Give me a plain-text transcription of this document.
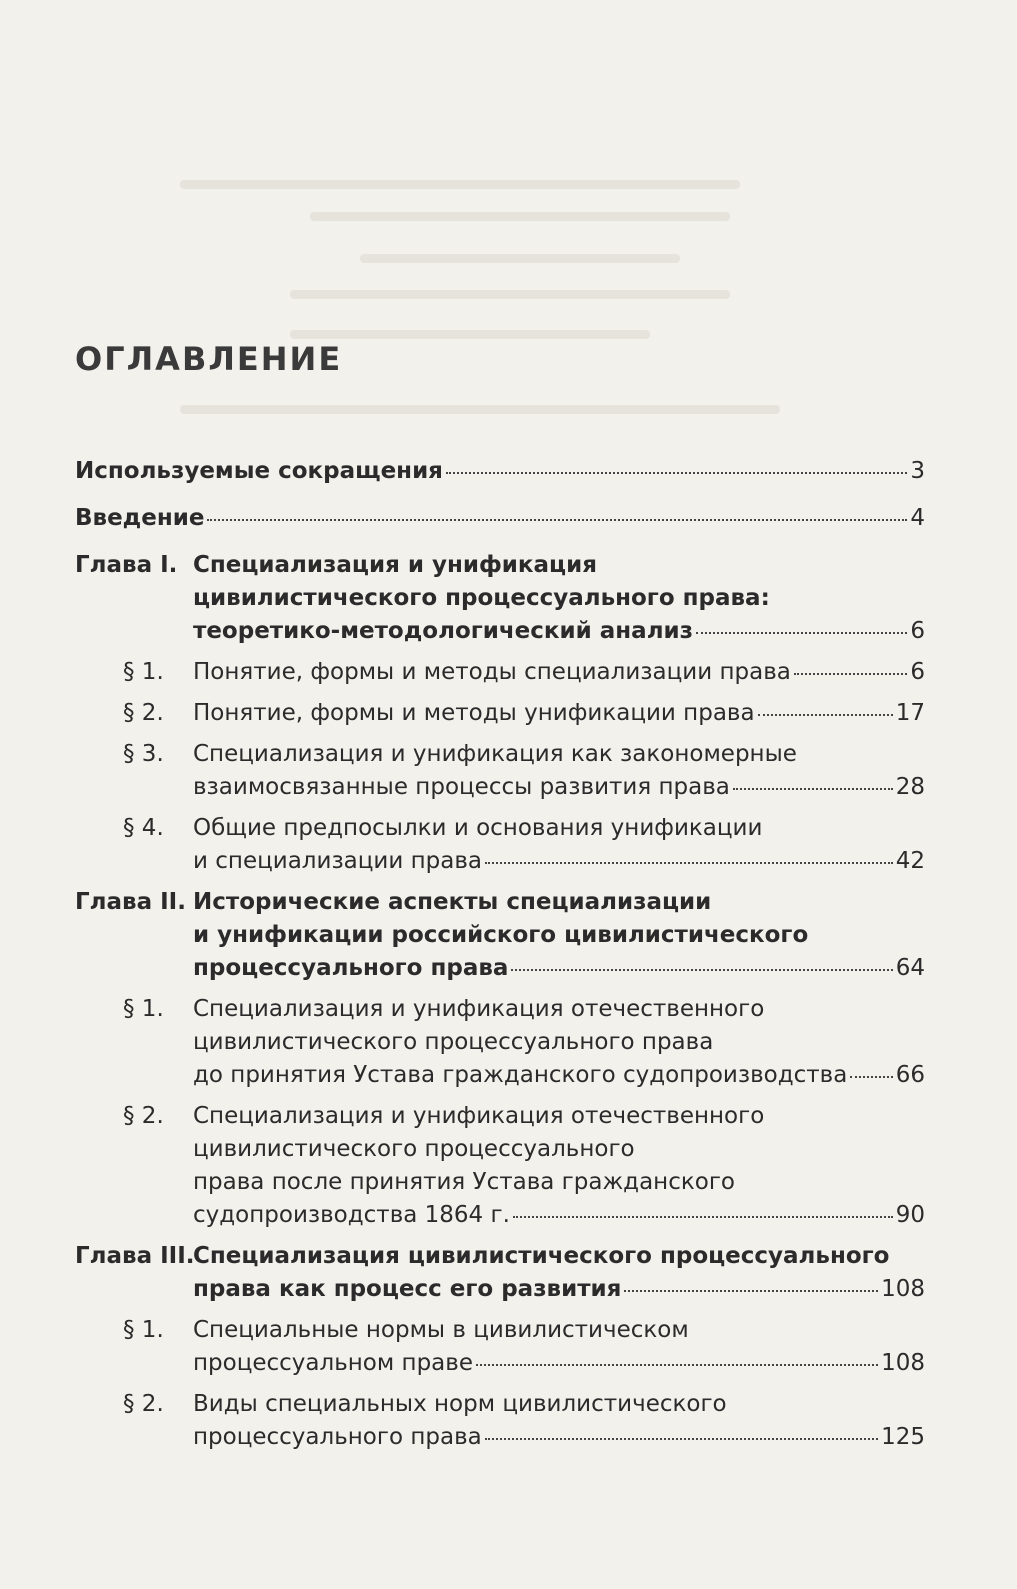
ОГЛАВЛЕНИЕ
Используемые сокращения	3
Введение	4
Глава I. Специализация и унификация
цивилистического процессуального права:
теоретико-методологический анализ	6
§ 1.	Понятие, формы и методы специализации права	6
§ 2.	Понятие, формы и методы унификации права	17
§ 3.	Специализация и унификация как закономерные
взаимосвязанные процессы развития права	28
§ 4.	Общие предпосылки и основания унификации
и специализации права	42
Глава II. Исторические аспекты специализации
и унификации российского цивилистического
процессуального права	64
§ 1.	Специализация и унификация отечественного
цивилистического процессуального права
до принятия Устава гражданского судопроизводства 66
§ 2.	Специализация и унификация отечественного
цивилистического процессуального
права после принятия Устава гражданского
судопроизводства 1864 г.	90
Глава III.
Специализация цивилистического процессуального
права как процесс его развития	108
§ 1.	Специальные нормы в цивилистическом
процессуальном праве	108
§ 2.	Виды специальных норм цивилистического
процессуального права	125
